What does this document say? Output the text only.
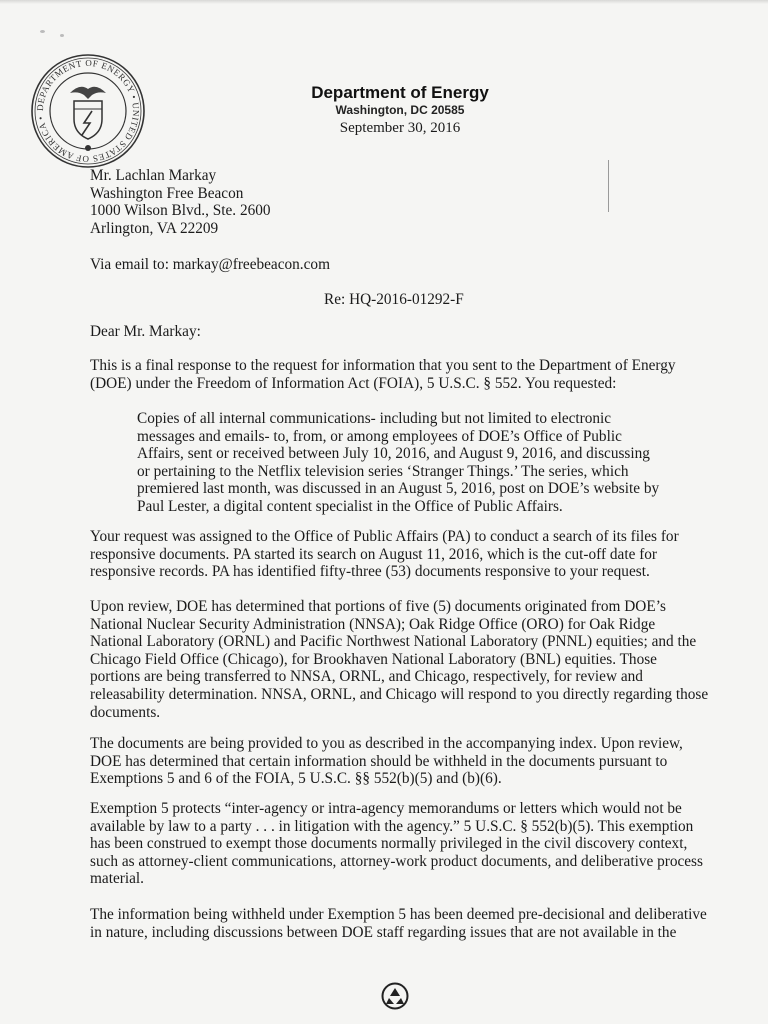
DEPARTMENT OF ENERGY • UNITED STATES OF AMERICA •
Department of Energy
Washington, DC 20585
September 30, 2016
Mr. Lachlan Markay
Washington Free Beacon
1000 Wilson Blvd., Ste. 2600
Arlington, VA 22209
Via email to: markay@freebeacon.com
Re: HQ-2016-01292-F
Dear Mr. Markay:
This is a final response to the request for information that you sent to the Department of Energy
(DOE) under the Freedom of Information Act (FOIA), 5 U.S.C. § 552. You requested:
Copies of all internal communications- including but not limited to electronic
messages and emails- to, from, or among employees of DOE’s Office of Public
Affairs, sent or received between July 10, 2016, and August 9, 2016, and discussing
or pertaining to the Netflix television series ‘Stranger Things.’ The series, which
premiered last month, was discussed in an August 5, 2016, post on DOE’s website by
Paul Lester, a digital content specialist in the Office of Public Affairs.
Your request was assigned to the Office of Public Affairs (PA) to conduct a search of its files for
responsive documents. PA started its search on August 11, 2016, which is the cut-off date for
responsive records. PA has identified fifty-three (53) documents responsive to your request.
Upon review, DOE has determined that portions of five (5) documents originated from DOE’s
National Nuclear Security Administration (NNSA); Oak Ridge Office (ORO) for Oak Ridge
National Laboratory (ORNL) and Pacific Northwest National Laboratory (PNNL) equities; and the
Chicago Field Office (Chicago), for Brookhaven National Laboratory (BNL) equities. Those
portions are being transferred to NNSA, ORNL, and Chicago, respectively, for review and
releasability determination. NNSA, ORNL, and Chicago will respond to you directly regarding those
documents.
The documents are being provided to you as described in the accompanying index. Upon review,
DOE has determined that certain information should be withheld in the documents pursuant to
Exemptions 5 and 6 of the FOIA, 5 U.S.C. §§ 552(b)(5) and (b)(6).
Exemption 5 protects “inter-agency or intra-agency memorandums or letters which would not be
available by law to a party . . . in litigation with the agency.” 5 U.S.C. § 552(b)(5). This exemption
has been construed to exempt those documents normally privileged in the civil discovery context,
such as attorney-client communications, attorney-work product documents, and deliberative process
material.
The information being withheld under Exemption 5 has been deemed pre-decisional and deliberative
in nature, including discussions between DOE staff regarding issues that are not available in the
